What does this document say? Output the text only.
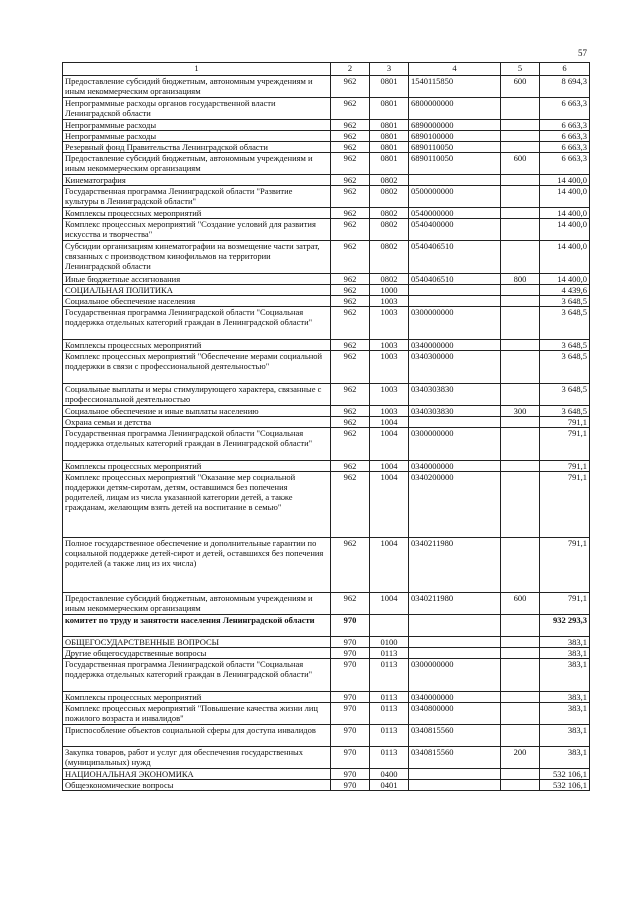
57
1	2	3	4	5	6
Предоставление субсидий бюджетным, автономным учреждениям и иным некоммерческим организациям	962	0801	1540115850	600	8 694,3
Непрограммные расходы органов государственной власти Ленинградской области	962	0801	6800000000		6 663,3
Непрограммные расходы	962	0801	6890000000		6 663,3
Непрограммные расходы	962	0801	6890100000		6 663,3
Резервный фонд Правительства Ленинградской области	962	0801	6890110050		6 663,3
Предоставление субсидий бюджетным, автономным учреждениям и иным некоммерческим организациям	962	0801	6890110050	600	6 663,3
Кинематография	962	0802			14 400,0
Государственная программа Ленинградской области "Развитие культуры в Ленинградской области"	962	0802	0500000000		14 400,0
Комплексы процессных мероприятий	962	0802	0540000000		14 400,0
Комплекс процессных мероприятий "Создание условий для развития искусства и творчества"	962	0802	0540400000		14 400,0
Субсидии организациям кинематографии на возмещение части затрат, связанных с производством кинофильмов на территории Ленинградской области	962	0802	0540406510		14 400,0
Иные бюджетные ассигнования	962	0802	0540406510	800	14 400,0
СОЦИАЛЬНАЯ ПОЛИТИКА	962	1000			4 439,6
Социальное обеспечение населения	962	1003			3 648,5
Государственная программа Ленинградской области "Социальная поддержка отдельных категорий граждан в Ленинградской области"	962	1003	0300000000		3 648,5
Комплексы процессных мероприятий	962	1003	0340000000		3 648,5
Комплекс процессных мероприятий "Обеспечение мерами социальной поддержки в связи с профессиональной деятельностью"	962	1003	0340300000		3 648,5
Социальные выплаты и меры стимулирующего характера, связанные с профессиональной деятельностью	962	1003	0340303830		3 648,5
Социальное обеспечение и иные выплаты населению	962	1003	0340303830	300	3 648,5
Охрана семьи и детства	962	1004			791,1
Государственная программа Ленинградской области "Социальная поддержка отдельных категорий граждан в Ленинградской области"	962	1004	0300000000		791,1
Комплексы процессных мероприятий	962	1004	0340000000		791,1
Комплекс процессных мероприятий "Оказание мер социальной поддержки детям-сиротам, детям, оставшимся без попечения родителей, лицам из числа указанной категории детей, а также гражданам, желающим взять детей на воспитание в семью"	962	1004	0340200000		791,1
Полное государственное обеспечение и дополнительные гарантии по социальной поддержке детей-сирот и детей, оставшихся без попечения родителей (а также лиц из их числа)	962	1004	0340211980		791,1
Предоставление субсидий бюджетным, автономным учреждениям и иным некоммерческим организациям	962	1004	0340211980	600	791,1
комитет по труду и занятости населения Ленинградской области	970				932 293,3
ОБЩЕГОСУДАРСТВЕННЫЕ ВОПРОСЫ	970	0100			383,1
Другие общегосударственные вопросы	970	0113			383,1
Государственная программа Ленинградской области "Социальная поддержка отдельных категорий граждан в Ленинградской области"	970	0113	0300000000		383,1
Комплексы процессных мероприятий	970	0113	0340000000		383,1
Комплекс процессных мероприятий "Повышение качества жизни лиц пожилого возраста и инвалидов"	970	0113	0340800000		383,1
Приспособление объектов социальной сферы для доступа инвалидов	970	0113	0340815560		383,1
Закупка товаров, работ и услуг для обеспечения государственных (муниципальных) нужд	970	0113	0340815560	200	383,1
НАЦИОНАЛЬНАЯ ЭКОНОМИКА	970	0400			532 106,1
Общеэкономические вопросы	970	0401			532 106,1
